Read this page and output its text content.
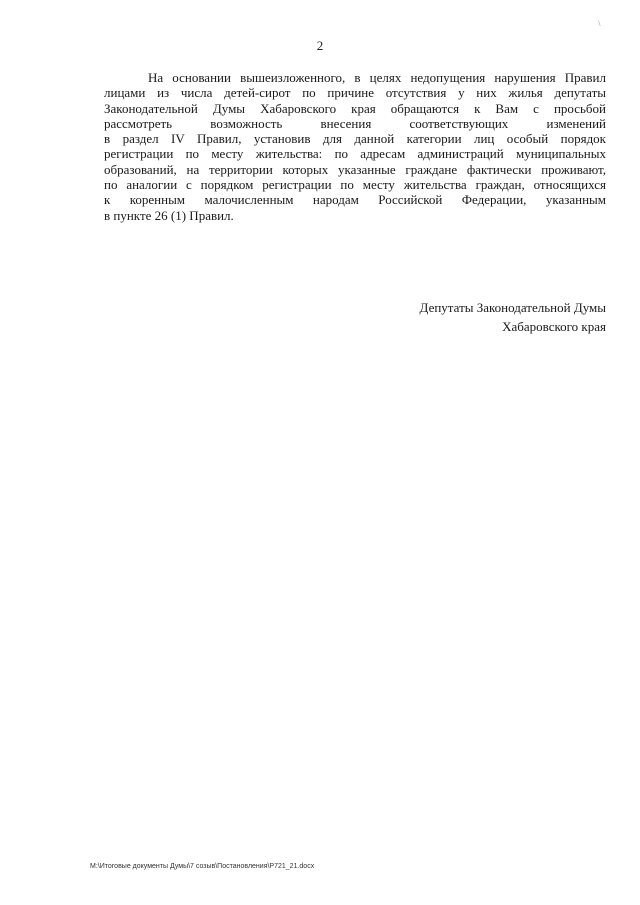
/
2
На основании вышеизложенного, в целях недопущения нарушения Правил
лицами из числа детей-сирот по причине отсутствия у них жилья депутаты
Законодательной Думы Хабаровского края обращаются к Вам с просьбой
рассмотреть возможность внесения соответствующих изменений
в раздел IV Правил, установив для данной категории лиц особый порядок
регистрации по месту жительства: по адресам администраций муниципальных
образований, на территории которых указанные граждане фактически проживают,
по аналогии с порядком регистрации по месту жительства граждан, относящихся
к коренным малочисленным народам Российской Федерации, указанным
в пункте 26 (1) Правил.
Депутаты Законодательной Думы
Хабаровского края
M:\Итоговые документы Думы\7 созыв\Постановления\P721_21.docx
